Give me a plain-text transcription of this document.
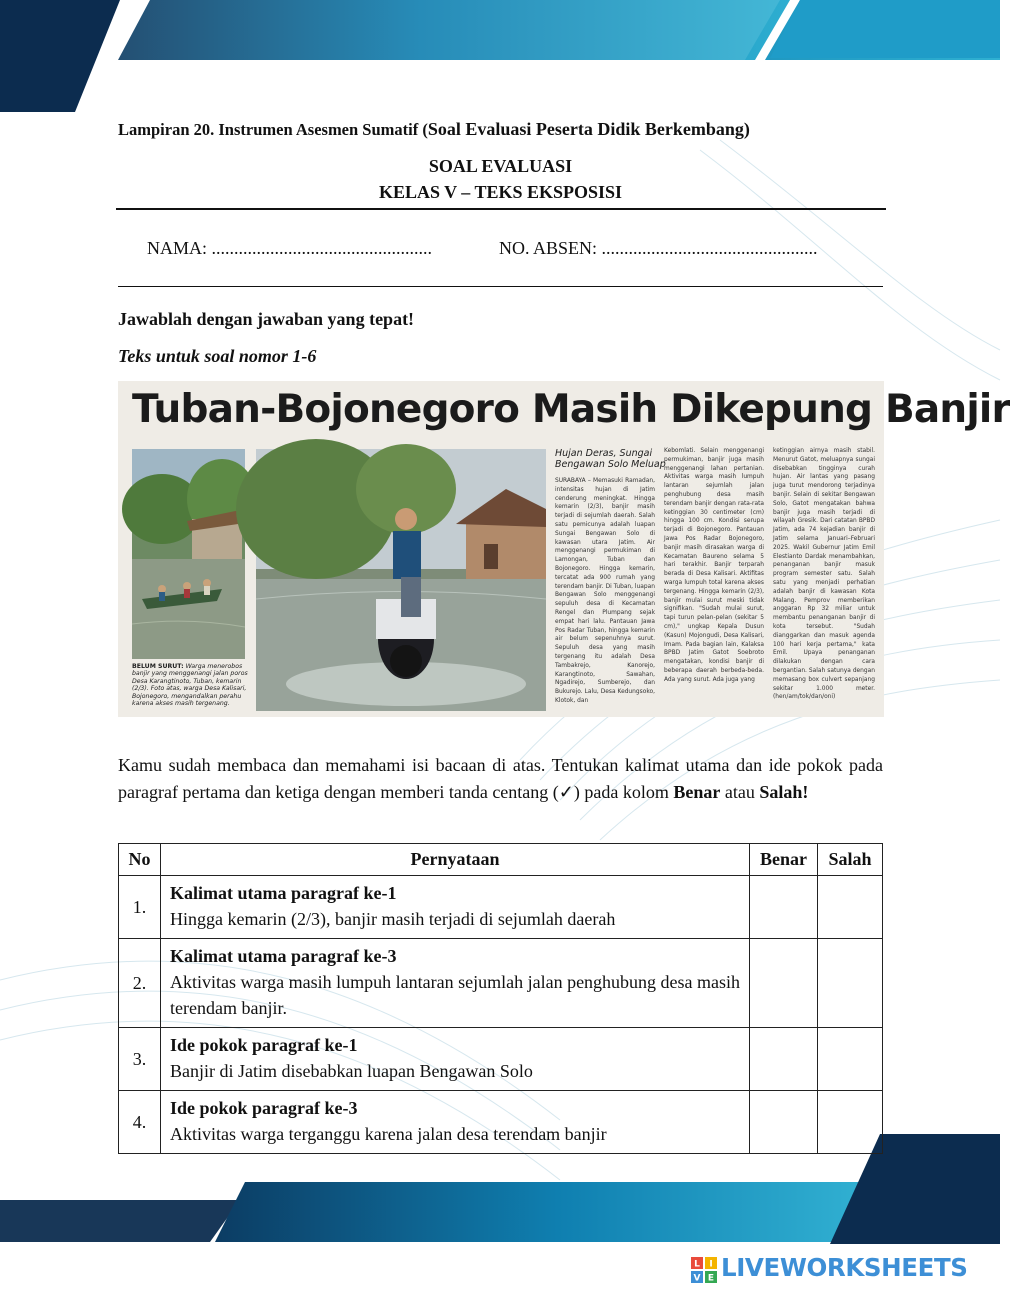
Lampiran 20. Instrumen Asesmen Sumatif (Soal Evaluasi Peserta Didik Berkembang)
SOAL EVALUASI
KELAS V – TEKS EKSPOSISI
NAMA: .................................................	NO. ABSEN: ................................................
Jawablah dengan jawaban yang tepat!
Teks untuk soal nomor 1-6
Tuban-Bojonegoro Masih Dikepung Banjir
BELUM SURUT: Warga menerobos banjir yang menggenangi jalan poros Desa Karangtinoto, Tuban, kemarin (2/3). Foto atas, warga Desa Kalisari, Bojonegoro, mengandalkan perahu karena akses masih tergenang.
Hujan Deras, Sungai
Bengawan Solo Meluap
SURABAYA – Memasuki Ramadan, intensitas hujan di Jatim cenderung meningkat. Hingga kemarin (2/3), banjir masih terjadi di sejumlah daerah. Salah satu pemicunya adalah luapan Sungai Bengawan Solo di kawasan utara Jatim. Air menggenangi permukiman di Lamongan, Tuban dan Bojonegoro. Hingga kemarin, tercatat ada 900 rumah yang terendam banjir. Di Tuban, luapan Bengawan Solo menggenangi sepuluh desa di Kecamatan Rengel dan Plumpang sejak empat hari lalu. Pantauan Jawa Pos Radar Tuban, hingga kemarin air belum sepenuhnya surut. Sepuluh desa yang masih tergenang itu adalah Desa Tambakrejo, Kanorejo, Karangtinoto, Sawahan, Ngadirejo, Sumberejo, dan Bukurejo. Lalu, Desa Kedungsoko, Klotok, dan
Kebomlati. Selain menggenangi permukiman, banjir juga masih menggenangi lahan pertanian. Aktivitas warga masih lumpuh lantaran sejumlah jalan penghubung desa masih terendam banjir dengan rata-rata ketinggian 30 centimeter (cm) hingga 100 cm. Kondisi serupa terjadi di Bojonegoro. Pantauan Jawa Pos Radar Bojonegoro, banjir masih dirasakan warga di Kecamatan Baureno selama 5 hari terakhir. Banjir terparah berada di Desa Kalisari. Aktifitas warga lumpuh total karena akses tergenang. Hingga kemarin (2/3), banjir mulai surut meski tidak signifikan. "Sudah mulai surut, tapi turun pelan-pelan (sekitar 5 cm)," ungkap Kepala Dusun (Kasun) Mojongudi, Desa Kalisari, Imam. Pada bagian lain, Kalaksa BPBD Jatim Gatot Soebroto mengatakan, kondisi banjir di beberapa daerah berbeda-beda. Ada yang surut. Ada juga yang
ketinggian airnya masih stabil. Menurut Gatot, meluapnya sungai disebabkan tingginya curah hujan. Air lantas yang pasang juga turut mendorong terjadinya banjir. Selain di sekitar Bengawan Solo, Gatot mengatakan bahwa banjir juga masih terjadi di wilayah Gresik. Dari catatan BPBD Jatim, ada 74 kejadian banjir di Jatim selama Januari–Februari 2025. Wakil Gubernur Jatim Emil Elestianto Dardak menambahkan, penanganan banjir masuk program semester satu. Salah satu yang menjadi perhatian adalah banjir di kawasan Kota Malang. Pemprov memberikan anggaran Rp 32 miliar untuk membantu penanganan banjir di kota tersebut. "Sudah dianggarkan dan masuk agenda 100 hari kerja pertama," kata Emil. Upaya penanganan dilakukan dengan cara bergantian. Salah satunya dengan memasang box culvert sepanjang sekitar 1.000 meter. (hen/am/tok/dan/oni)
Kamu sudah membaca dan memahami isi bacaan di atas. Tentukan kalimat utama dan ide pokok pada paragraf pertama dan ketiga dengan memberi tanda centang (✓) pada kolom Benar atau Salah!
No	Pernyataan	Benar	Salah
1.	Kalimat utama paragraf ke-1
Hingga kemarin (2/3), banjir masih terjadi di sejumlah daerah		

2.	Kalimat utama paragraf ke-3
Aktivitas warga masih lumpuh lantaran sejumlah jalan penghubung desa masih terendam banjir.		

3.	Ide pokok paragraf ke-1
Banjir di Jatim disebabkan luapan Bengawan Solo		

4.	Ide pokok paragraf ke-3
Aktivitas warga terganggu karena jalan desa terendam banjir		

L I
V E LIVEWORKSHEETS
